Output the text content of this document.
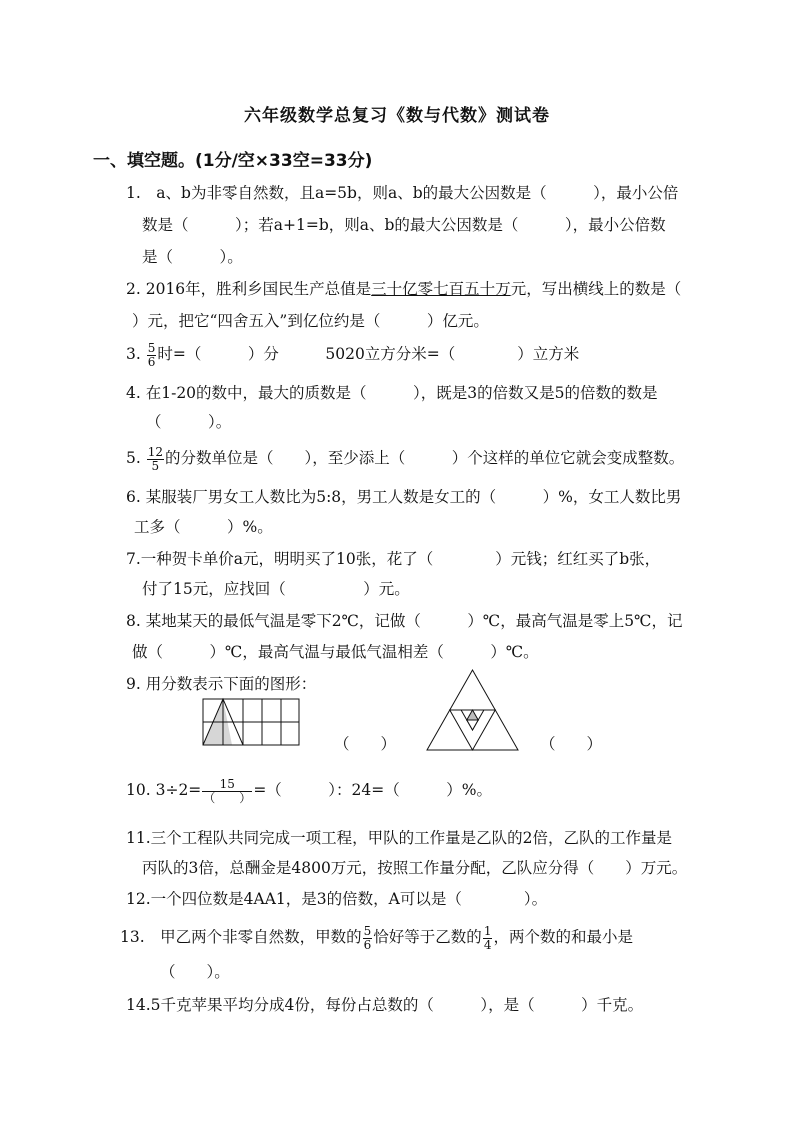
六年级数学总复习《数与代数》测试卷
一、填空题。(1分/空×33空=33分)
1.　a、b为非零自然数，且a=5b，则a、b的最大公因数是（　　　），最小公倍
数是（　　　）；若a+1=b，则a、b的最大公因数是（　　　），最小公倍数
是（　　　）。
2. 2016年，胜利乡国民生产总值是三十亿零七百五十万元，写出横线上的数是（
）元，把它“四舍五入”到亿位约是（　　　）亿元。
3. $\frac{5}{6}$ 时=（　　　）分　　　5020立方分米=（　　　　）立方米
4. 在1-20的数中，最大的质数是（　　　），既是3的倍数又是5的倍数的数是
（　　　）。
5. $\frac{12}{5}$ 的分数单位是（　　），至少添上（　　　）个这样的单位它就会变成整数。
6. 某服装厂男女工人数比为5:8，男工人数是女工的（　　　）%，女工人数比男
工多（　　　）%。
7.一种贺卡单价a元，明明买了10张，花了（　　　　）元钱；红红买了b张，
付了15元，应找回（　　　　　）元。
8. 某地某天的最低气温是零下2℃，记做（　　　）℃，最高气温是零上5℃，记
做（　　　）℃，最高气温与最低气温相差（　　　）℃。
9. 用分数表示下面的图形：
（　　）	（　　）
10. $3\div 2= \frac{15}{( )}$ =（　　　）：24=（　　　）%。
11.三个工程队共同完成一项工程，甲队的工作量是乙队的2倍，乙队的工作量是
丙队的3倍，总酬金是4800万元，按照工作量分配，乙队应分得（　　）万元。
12.一个四位数是4AA1，是3的倍数，A可以是（　　　　）。
13.　甲乙两个非零自然数，甲数的 $\frac{5}{6}$ 恰好等于乙数的 $\frac{1}{4}$ ，两个数的和最小是
（　　）。
14.5千克苹果平均分成4份，每份占总数的（　　　），是（　　　）千克。
